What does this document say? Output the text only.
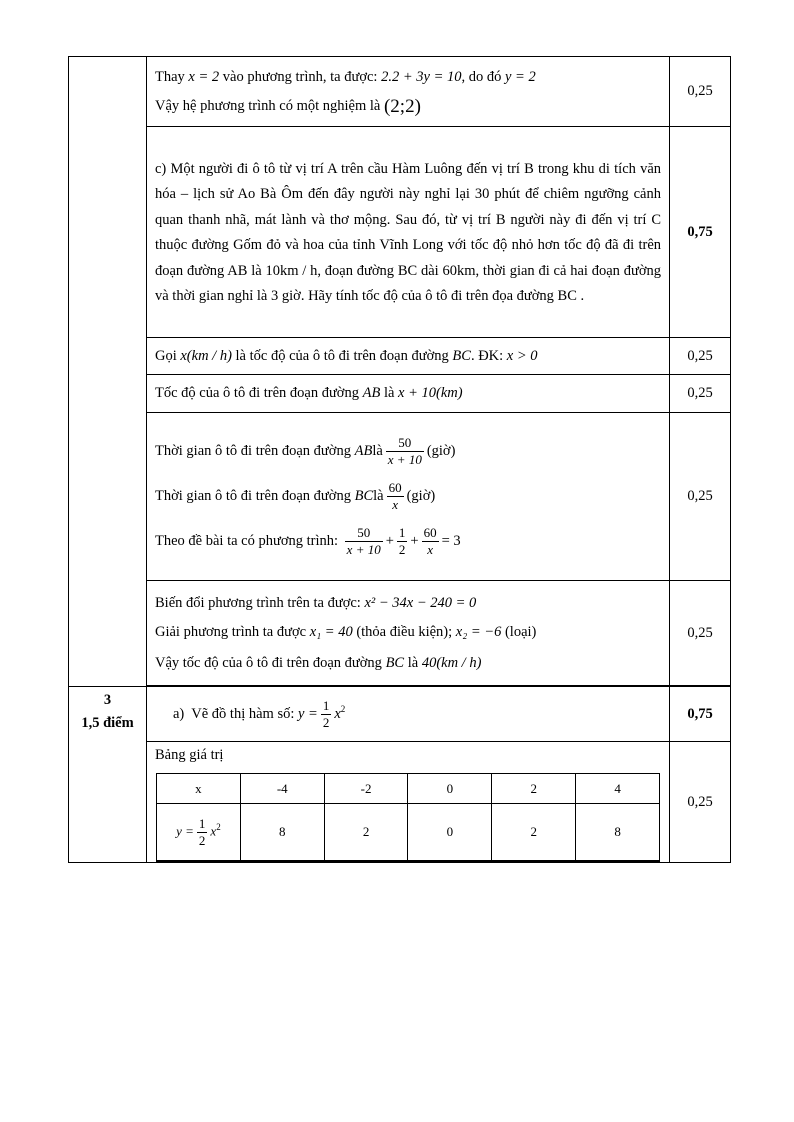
Thay x = 2 vào phương trình, ta được: 2.2 + 3y = 10, do đó y = 2
Vậy hệ phương trình có một nghiệm là (2;2)
	0,25

c) Một người đi ô tô từ vị trí A trên cầu Hàm Luông đến vị trí B trong khu di tích văn hóa – lịch sử Ao Bà Ôm đến đây người này nghỉ lại 30 phút để chiêm ngưỡng cảnh quan thanh nhã, mát lành và thơ mộng. Sau đó, từ vị trí B người này đi đến vị trí C thuộc đường Gốm đỏ và hoa của tỉnh Vĩnh Long với tốc độ nhỏ hơn tốc độ đã đi trên đoạn đường AB là 10km / h, đoạn đường BC dài 60km, thời gian đi cả hai đoạn đường và thời gian nghỉ là 3 giờ. Hãy tính tốc độ của ô tô đi trên đọa đường BC .
	0,75

Gọi x(km / h) là tốc độ của ô tô đi trên đoạn đường BC. ĐK: x > 0	0,25

Tốc độ của ô tô đi trên đoạn đường AB là x + 10(km)	0,25

Thời gian ô tô đi trên đoạn đường ABlà $\frac{50}{x + 10}$ (giờ)
Thời gian ô tô đi trên đoạn đường BClà $\frac{60}{x}$ (giờ)
Theo đề bài ta có phương trình: $\frac{50}{x + 10} + \frac{1}{2} + \frac{60}{x} = 3$
	0,25

Biến đổi phương trình trên ta được: x² − 34x − 240 = 0
Giải phương trình ta được x₁ = 40 (thỏa điều kiện); x₂ = −6 (loại)
Vậy tốc độ của ô tô đi trên đoạn đường BC là 40(km / h)
	0,25

3
1,5 điểm

a) Vẽ đồ thị hàm số: $y = \frac{1}{2} x^2$	0,75

Bảng giá trị
x	-4	-2	0	2	4
$y = \frac{1}{2} x^2$	8	2	0	2	8
	0,25
